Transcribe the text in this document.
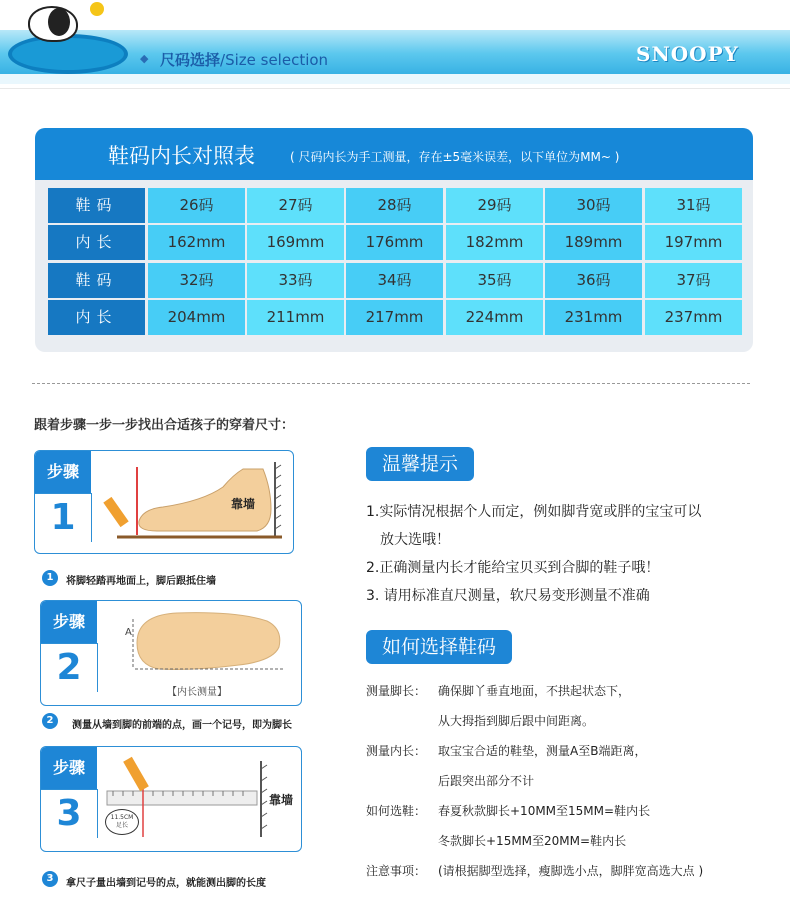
◆ 尺码选择/Size selection	SNOOPY
鞋码内长对照表	( 尺码内长为手工测量，存在±5毫米误差，以下单位为MM~ )
鞋码	26码	27码	28码	29码	30码	31码
内长	162mm	169mm	176mm	182mm	189mm	197mm
鞋码	32码	33码	34码	35码	36码	37码
内长	204mm	211mm	217mm	224mm	231mm	237mm
跟着步骤一步一步找出合适孩子的穿着尺寸：
步骤
1	靠墙
1	将脚轻踏再地面上，脚后跟抵住墙
步骤
2
A
【内长测量】
2	测量从墙到脚的前端的点，画一个记号，即为脚长
步骤
3	靠墙
11.5CM
足长
3	拿尺子量出墙到记号的点，就能测出脚的长度
温馨提示
1.实际情况根据个人而定，例如脚背宽或胖的宝宝可以
放大选哦！
2.正确测量内长才能给宝贝买到合脚的鞋子哦！
3. 请用标准直尺测量，软尺易变形测量不准确
如何选择鞋码
测量脚长： 确保脚丫垂直地面，不拱起状态下，
从大拇指到脚后跟中间距离。
测量内长： 取宝宝合适的鞋垫，测量A至B端距离，
后跟突出部分不计
如何选鞋： 春夏秋款脚长+10MM至15MM=鞋内长
冬款脚长+15MM至20MM=鞋内长
注意事项： (请根据脚型选择，瘦脚选小点，脚胖宽高选大点 )
